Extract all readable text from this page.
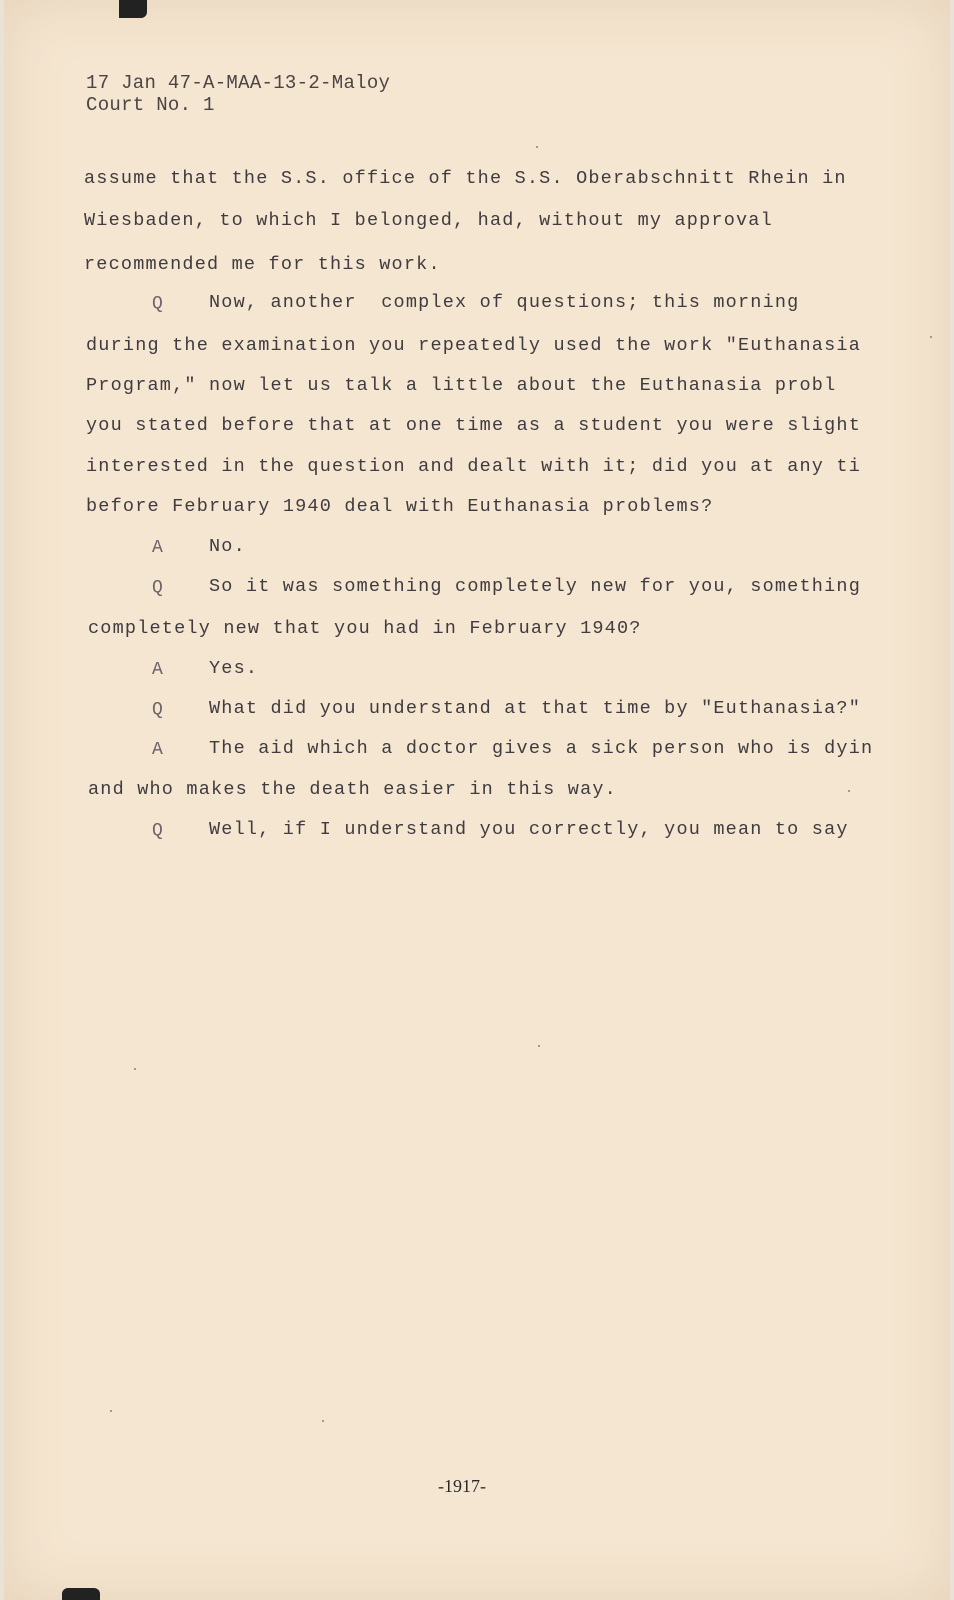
17 Jan 47-A-MAA-13-2-Maloy
Court No. 1
assume that the S.S. office of the S.S. Oberabschnitt Rhein in
Wiesbaden, to which I belonged, had, without my approval
recommended me for this work.
Q Now, another  complex of questions; this morning
during the examination you repeatedly used the work "Euthanasia
Program," now let us talk a little about the Euthanasia probl
you stated before that at one time as a student you were slight
interested in the question and dealt with it; did you at any ti
before February 1940 deal with Euthanasia problems?
A No.
Q So it was something completely new for you, something
completely new that you had in February 1940?
A Yes.
Q What did you understand at that time by "Euthanasia?"
A The aid which a doctor gives a sick person who is dyin
and who makes the death easier in this way.
Q Well, if I understand you correctly, you mean to say
-1917-
